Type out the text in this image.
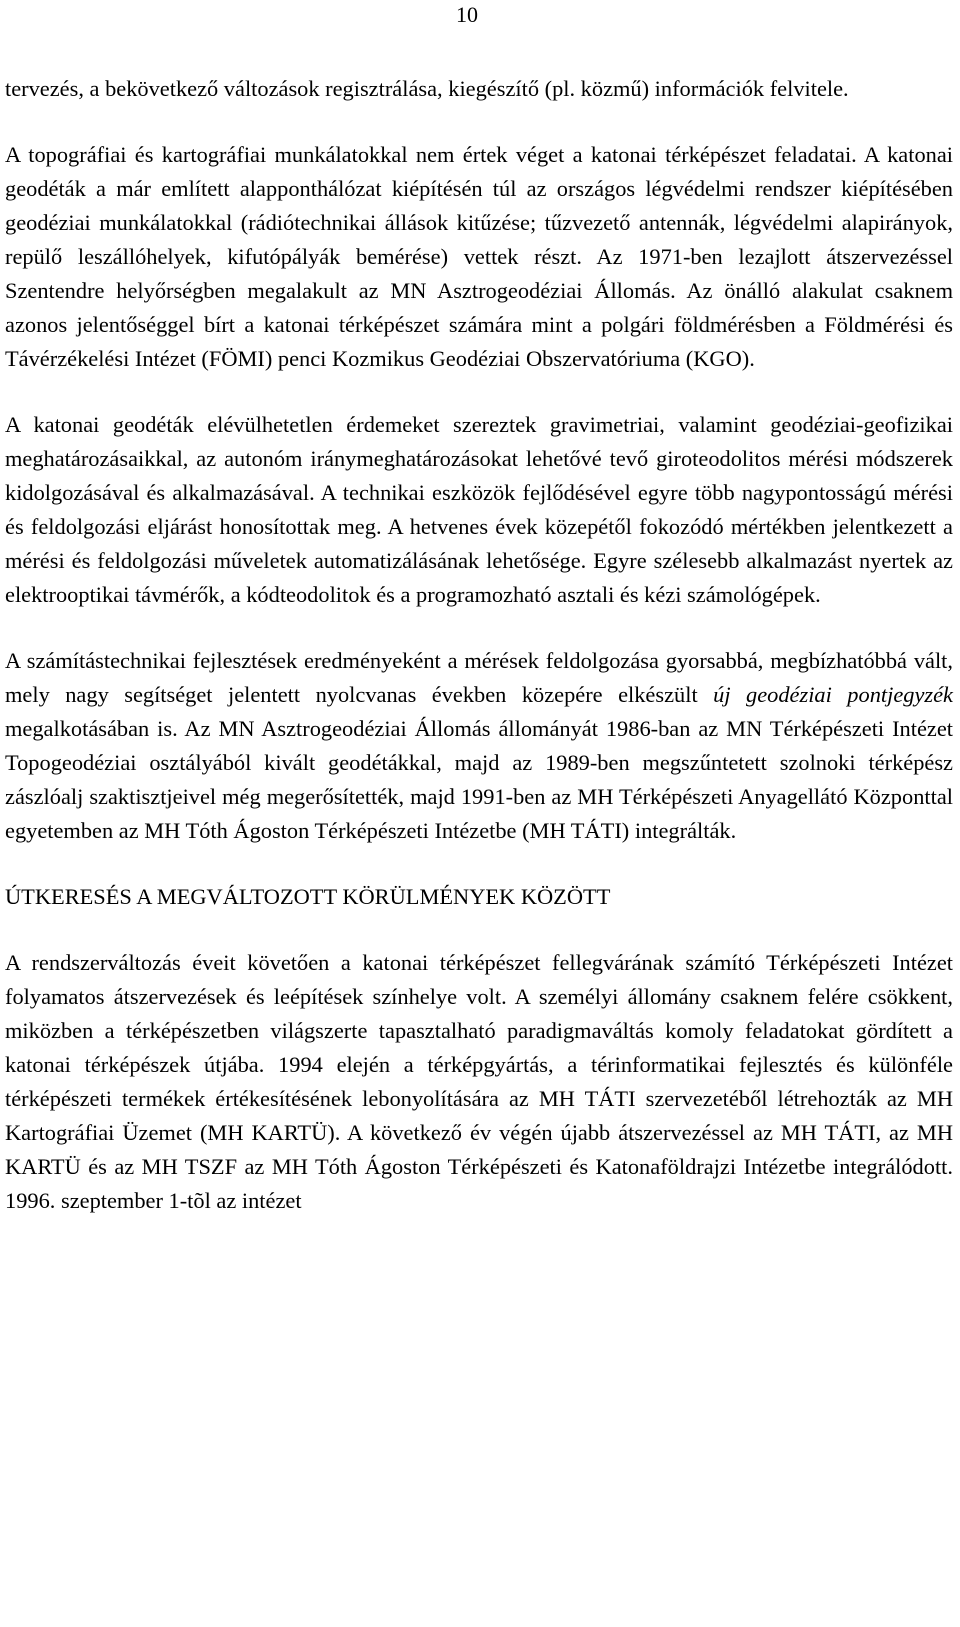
10

tervezés, a bekövetkező változások regisztrálása, kiegészítő (pl. közmű) információk felvitele.

A topográfiai és kartográfiai munkálatokkal nem értek véget a katonai térképészet feladatai. A katonai geodéták a már említett alapponthálózat kiépítésén túl az országos légvédelmi rendszer kiépítésében geodéziai munkálatokkal (rádiótechnikai állások kitűzése; tűzvezető antennák, légvédelmi alapirányok, repülő leszállóhelyek, kifutópályák bemérése) vettek részt. Az 1971-ben lezajlott átszervezéssel Szentendre helyőrségben megalakult az MN Asztrogeodéziai Állomás. Az önálló alakulat csaknem azonos jelentőséggel bírt a katonai térképészet számára mint a polgári földmérésben a Földmérési és Távérzékelési Intézet (FÖMI) penci Kozmikus Geodéziai Obszervatóriuma (KGO).

A katonai geodéták elévülhetetlen érdemeket szereztek gravimetriai, valamint geodéziai-geofizikai meghatározásaikkal, az autonóm iránymeghatározásokat lehetővé tevő giroteodolitos mérési módszerek kidolgozásával és alkalmazásával. A technikai eszközök fejlődésével egyre több nagypontosságú mérési és feldolgozási eljárást honosítottak meg. A hetvenes évek közepétől fokozódó mértékben jelentkezett a mérési és feldolgozási műveletek automatizálásának lehetősége. Egyre szélesebb alkalmazást nyertek az elektrooptikai távmérők, a kódteodolitok és a programozható asztali és kézi számológépek.

A számítástechnikai fejlesztések eredményeként a mérések feldolgozása gyorsabbá, megbízhatóbbá vált, mely nagy segítséget jelentett nyolcvanas években közepére elkészült új geodéziai pontjegyzék megalkotásában is. Az MN Asztrogeodéziai Állomás állományát 1986-ban az MN Térképészeti Intézet Topogeodéziai osztályából kivált geodétákkal, majd az 1989-ben megszűntetett szolnoki térképész zászlóalj szaktisztjeivel még megerősítették, majd 1991-ben az MH Térképészeti Anyagellátó Központtal egyetemben az MH Tóth Ágoston Térképészeti Intézetbe (MH TÁTI) integrálták.

ÚTKERESÉS A MEGVÁLTOZOTT KÖRÜLMÉNYEK KÖZÖTT

A rendszerváltozás éveit követően a katonai térképészet fellegvárának számító Térképészeti Intézet folyamatos átszervezések és leépítések színhelye volt. A személyi állomány csaknem felére csökkent, miközben a térképészetben világszerte tapasztalható paradigmaváltás komoly feladatokat gördített a katonai térképészek útjába. 1994 elején a térképgyártás, a térinformatikai fejlesztés és különféle térképészeti termékek értékesítésének lebonyolítására az MH TÁTI szervezetéből létrehozták az MH Kartográfiai Üzemet (MH KARTÜ). A következő év végén újabb átszervezéssel az MH TÁTI, az MH KARTÜ és az MH TSZF az MH Tóth Ágoston Térképészeti és Katonaföldrajzi Intézetbe integrálódott. 1996. szeptember 1-tõl az intézet
